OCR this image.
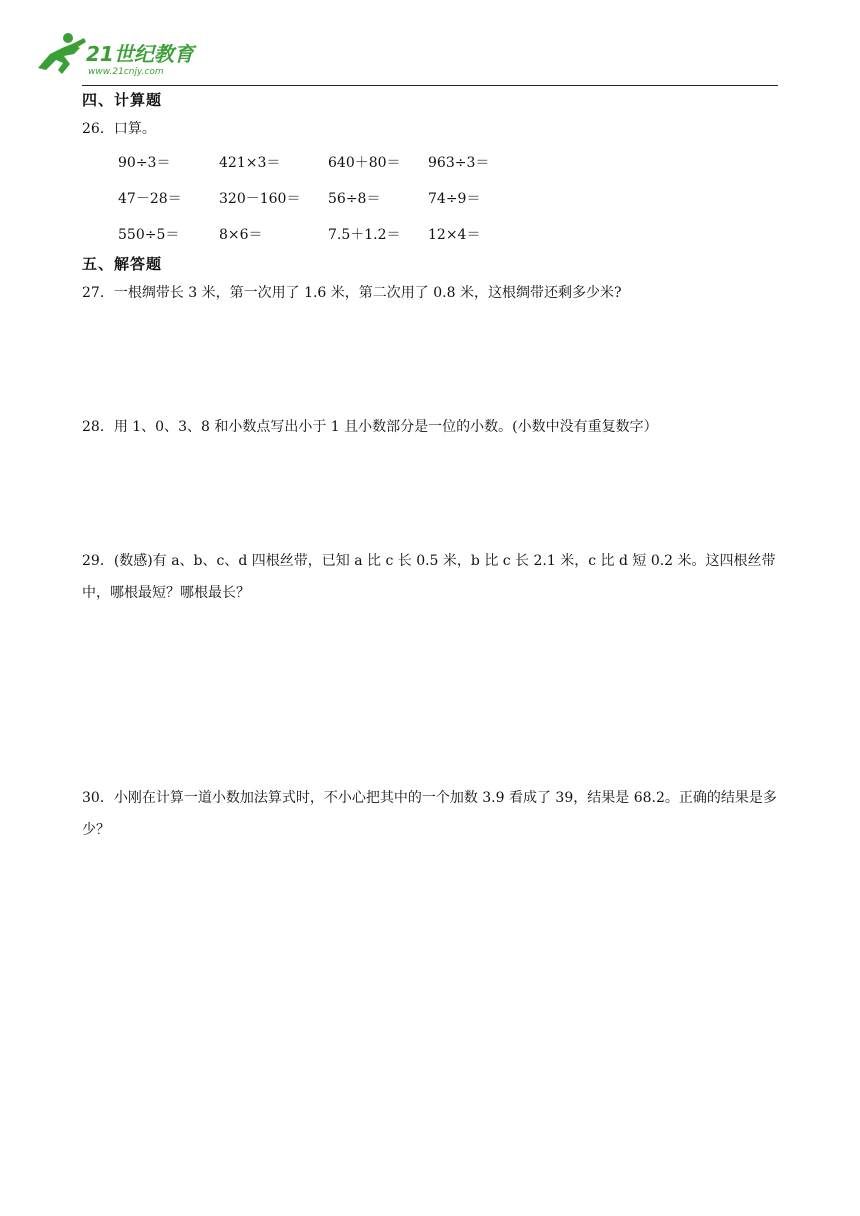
21世纪教育
www.21cnjy.com
四、计算题
26．口算。
90÷3＝	421×3＝	640＋80＝ 963÷3＝
47－28＝	320－160＝ 56÷8＝	74÷9＝
550÷5＝	8×6＝	7.5＋1.2＝ 12×4＝
五、解答题
27．一根绸带长 3 米，第一次用了 1.6 米，第二次用了 0.8 米，这根绸带还剩多少米?
28．用 1、0、3、8 和小数点写出小于 1 且小数部分是一位的小数。(小数中没有重复数字）
29．(数感)有 a、b、c、d 四根丝带，已知 a 比 c 长 0.5 米，b 比 c 长 2.1 米，c 比 d 短 0.2 米。这四根丝带中，哪根最短？哪根最长？
30．小刚在计算一道小数加法算式时，不小心把其中的一个加数 3.9 看成了 39，结果是 68.2。正确的结果是多少？
